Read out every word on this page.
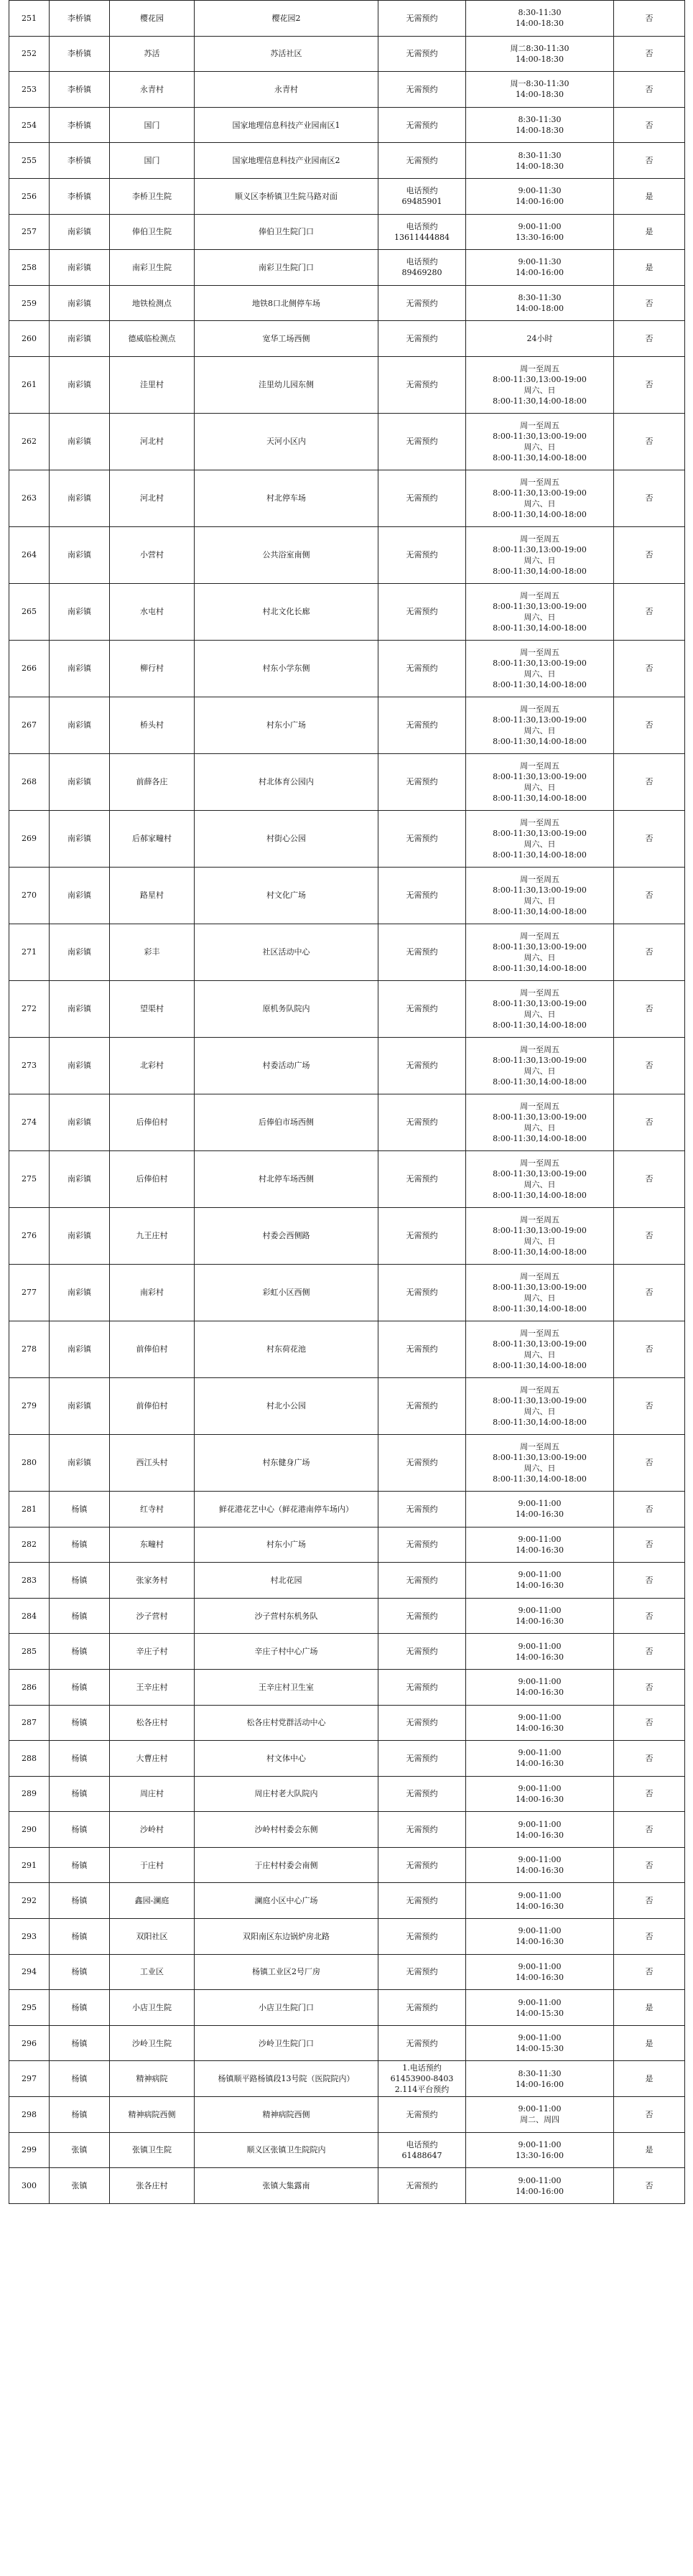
251	李桥镇	樱花园	樱花园2	无需预约	8:30-11:30
14:00-18:30	否
252	李桥镇	苏活	苏活社区	无需预约	周二8:30-11:30
14:00-18:30	否
253	李桥镇	永青村	永青村	无需预约	周一8:30-11:30
14:00-18:30	否
254	李桥镇	国门	国家地理信息科技产业园南区1	无需预约	8:30-11:30
14:00-18:30	否
255	李桥镇	国门	国家地理信息科技产业园南区2	无需预约	8:30-11:30
14:00-18:30	否
256	李桥镇	李桥卫生院	顺义区李桥镇卫生院马路对面	电话预约
69485901	9:00-11:30
14:00-16:00	是
257	南彩镇	俸伯卫生院	俸伯卫生院门口	电话预约
13611444884	9:00-11:00
13:30-16:00	是
258	南彩镇	南彩卫生院	南彩卫生院门口	电话预约
89469280	9:00-11:30
14:00-16:00	是
259	南彩镇	地铁检测点	地铁8口北侧停车场	无需预约	8:30-11:30
14:00-18:00	否
260	南彩镇	德威临检测点	宽华工场西侧	无需预约	24小时	否
261	南彩镇	洼里村	洼里幼儿园东侧	无需预约	周一至周五
8:00-11:30,13:00-19:00
周六、日
8:00-11:30,14:00-18:00	否
262	南彩镇	河北村	天河小区内	无需预约	周一至周五
8:00-11:30,13:00-19:00
周六、日
8:00-11:30,14:00-18:00	否
263	南彩镇	河北村	村北停车场	无需预约	周一至周五
8:00-11:30,13:00-19:00
周六、日
8:00-11:30,14:00-18:00	否
264	南彩镇	小营村	公共浴室南侧	无需预约	周一至周五
8:00-11:30,13:00-19:00
周六、日
8:00-11:30,14:00-18:00	否
265	南彩镇	水屯村	村北文化长廊	无需预约	周一至周五
8:00-11:30,13:00-19:00
周六、日
8:00-11:30,14:00-18:00	否
266	南彩镇	柳行村	村东小学东侧	无需预约	周一至周五
8:00-11:30,13:00-19:00
周六、日
8:00-11:30,14:00-18:00	否
267	南彩镇	桥头村	村东小广场	无需预约	周一至周五
8:00-11:30,13:00-19:00
周六、日
8:00-11:30,14:00-18:00	否
268	南彩镇	前薛各庄	村北体育公园内	无需预约	周一至周五
8:00-11:30,13:00-19:00
周六、日
8:00-11:30,14:00-18:00	否
269	南彩镇	后郝家疃村	村街心公园	无需预约	周一至周五
8:00-11:30,13:00-19:00
周六、日
8:00-11:30,14:00-18:00	否
270	南彩镇	路星村	村文化广场	无需预约	周一至周五
8:00-11:30,13:00-19:00
周六、日
8:00-11:30,14:00-18:00	否
271	南彩镇	彩丰	社区活动中心	无需预约	周一至周五
8:00-11:30,13:00-19:00
周六、日
8:00-11:30,14:00-18:00	否
272	南彩镇	望渠村	原机务队院内	无需预约	周一至周五
8:00-11:30,13:00-19:00
周六、日
8:00-11:30,14:00-18:00	否
273	南彩镇	北彩村	村委活动广场	无需预约	周一至周五
8:00-11:30,13:00-19:00
周六、日
8:00-11:30,14:00-18:00	否
274	南彩镇	后俸伯村	后俸伯市场西侧	无需预约	周一至周五
8:00-11:30,13:00-19:00
周六、日
8:00-11:30,14:00-18:00	否
275	南彩镇	后俸伯村	村北停车场西侧	无需预约	周一至周五
8:00-11:30,13:00-19:00
周六、日
8:00-11:30,14:00-18:00	否
276	南彩镇	九王庄村	村委会西侧路	无需预约	周一至周五
8:00-11:30,13:00-19:00
周六、日
8:00-11:30,14:00-18:00	否
277	南彩镇	南彩村	彩虹小区西侧	无需预约	周一至周五
8:00-11:30,13:00-19:00
周六、日
8:00-11:30,14:00-18:00	否
278	南彩镇	前俸伯村	村东荷花池	无需预约	周一至周五
8:00-11:30,13:00-19:00
周六、日
8:00-11:30,14:00-18:00	否
279	南彩镇	前俸伯村	村北小公园	无需预约	周一至周五
8:00-11:30,13:00-19:00
周六、日
8:00-11:30,14:00-18:00	否
280	南彩镇	西江头村	村东健身广场	无需预约	周一至周五
8:00-11:30,13:00-19:00
周六、日
8:00-11:30,14:00-18:00	否
281	杨镇	红寺村	鲜花港花艺中心（鲜花港南停车场内）	无需预约	9:00-11:00
14:00-16:30	否
282	杨镇	东疃村	村东小广场	无需预约	9:00-11:00
14:00-16:30	否
283	杨镇	张家务村	村北花园	无需预约	9:00-11:00
14:00-16:30	否
284	杨镇	沙子营村	沙子营村东机务队	无需预约	9:00-11:00
14:00-16:30	否
285	杨镇	辛庄子村	辛庄子村中心广场	无需预约	9:00-11:00
14:00-16:30	否
286	杨镇	王辛庄村	王辛庄村卫生室	无需预约	9:00-11:00
14:00-16:30	否
287	杨镇	松各庄村	松各庄村党群活动中心	无需预约	9:00-11:00
14:00-16:30	否
288	杨镇	大曹庄村	村文体中心	无需预约	9:00-11:00
14:00-16:30	否
289	杨镇	周庄村	周庄村老大队院内	无需预约	9:00-11:00
14:00-16:30	否
290	杨镇	沙岭村	沙岭村村委会东侧	无需预约	9:00-11:00
14:00-16:30	否
291	杨镇	于庄村	于庄村村委会南侧	无需预约	9:00-11:00
14:00-16:30	否
292	杨镇	鑫园-澜庭	澜庭小区中心广场	无需预约	9:00-11:00
14:00-16:30	否
293	杨镇	双阳社区	双阳南区东边锅炉房北路	无需预约	9:00-11:00
14:00-16:30	否
294	杨镇	工业区	杨镇工业区2号厂房	无需预约	9:00-11:00
14:00-16:30	否
295	杨镇	小店卫生院	小店卫生院门口	无需预约	9:00-11:00
14:00-15:30	是
296	杨镇	沙岭卫生院	沙岭卫生院门口	无需预约	9:00-11:00
14:00-15:30	是
297	杨镇	精神病院	杨镇顺平路杨镇段13号院（医院院内）	1.电话预约
61453900-8403
2.114平台预约	8:30-11:30
14:00-16:00	是
298	杨镇	精神病院西侧	精神病院西侧	无需预约	9:00-11:00
周二、周四	否
299	张镇	张镇卫生院	顺义区张镇卫生院院内	电话预约
61488647	9:00-11:00
13:30-16:00	是
300	张镇	张各庄村	张镇大集露南	无需预约	9:00-11:00
14:00-16:00	否
